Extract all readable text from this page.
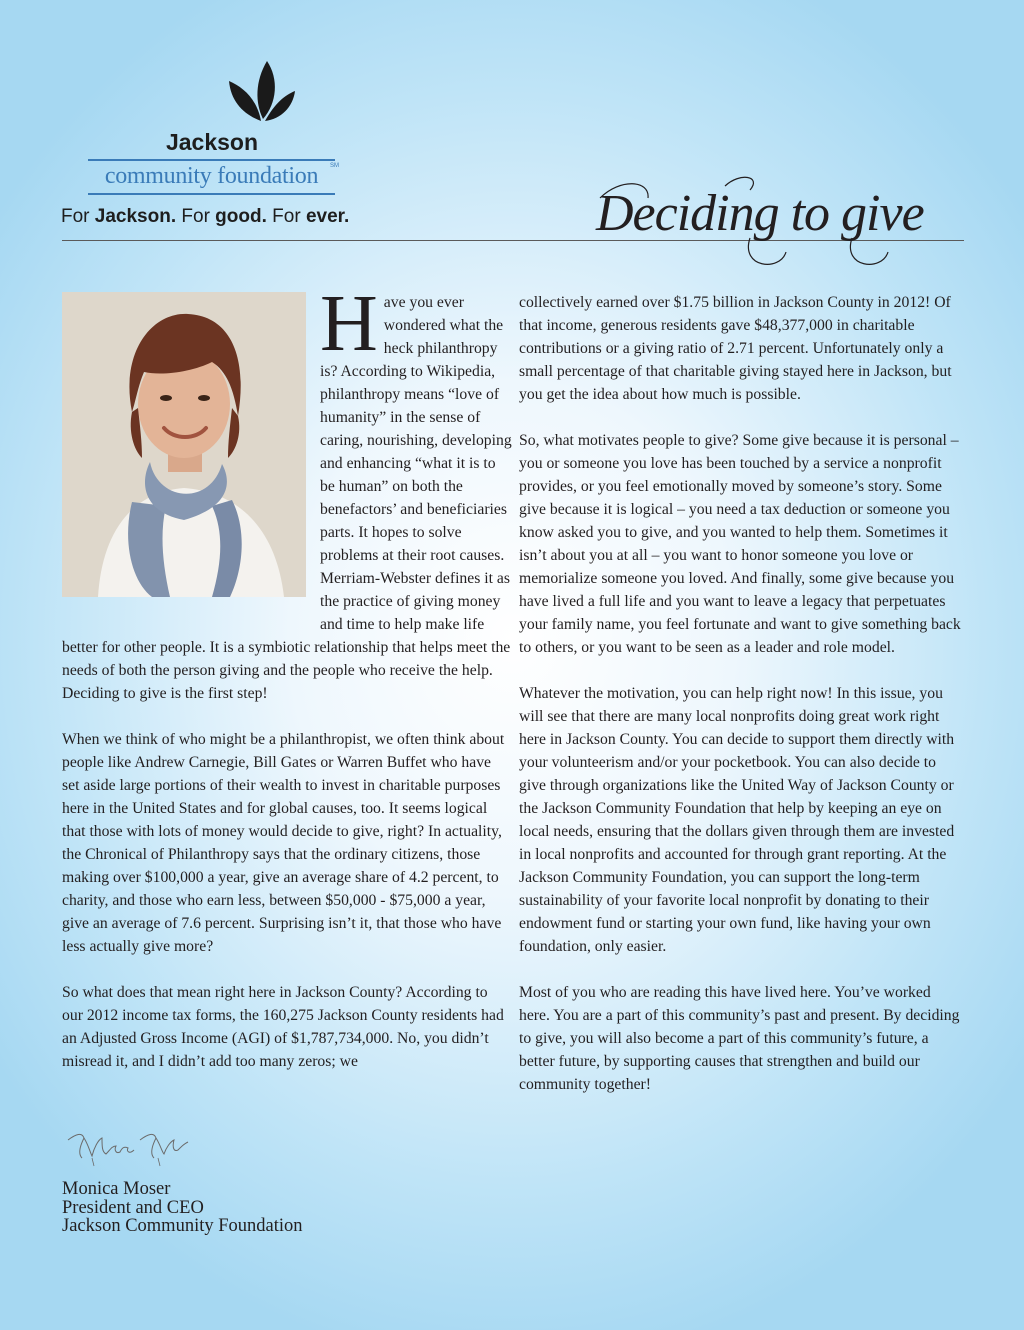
Jackson
community foundation	SM
For Jackson. For good. For ever.	Deciding to give

Have you ever wondered what the heck philanthropy is? According to Wikipedia, philanthropy means “love of humanity” in the sense of caring, nourishing, developing and enhancing “what it is to be human” on both the benefactors’ and beneficiaries parts. It hopes to solve problems at their root causes. Merriam-Webster defines it as the practice of giving money and time to help make life better for other people. It is a symbiotic relationship that helps meet the needs of both the person giving and the people who receive the help. Deciding to give is the first step!

When we think of who might be a philanthropist, we often think about people like Andrew Carnegie, Bill Gates or Warren Buffet who have set aside large portions of their wealth to invest in charitable purposes here in the United States and for global causes, too. It seems logical that those with lots of money would decide to give, right? In actuality, the Chronical of Philanthropy says that the ordinary citizens, those making over $100,000 a year, give an average share of 4.2 percent, to charity, and those who earn less, between $50,000 - $75,000 a year, give an average of 7.6 percent. Surprising isn’t it, that those who have less actually give more?

So what does that mean right here in Jackson County? According to our 2012 income tax forms, the 160,275 Jackson County residents had an Adjusted Gross Income (AGI) of $1,787,734,000. No, you didn’t misread it, and I didn’t add too many zeros; we

collectively earned over $1.75 billion in Jackson County in 2012! Of that income, generous residents gave $48,377,000 in charitable contributions or a giving ratio of 2.71 percent. Unfortunately only a small percentage of that charitable giving stayed here in Jackson, but you get the idea about how much is possible.

So, what motivates people to give? Some give because it is personal – you or someone you love has been touched by a service a nonprofit provides, or you feel emotionally moved by someone’s story. Some give because it is logical – you need a tax deduction or someone you know asked you to give, and you wanted to help them. Sometimes it isn’t about you at all – you want to honor someone you love or memorialize someone you loved. And finally, some give because you have lived a full life and you want to leave a legacy that perpetuates your family name, you feel fortunate and want to give something back to others, or you want to be seen as a leader and role model.

Whatever the motivation, you can help right now! In this issue, you will see that there are many local nonprofits doing great work right here in Jackson County. You can decide to support them directly with your volunteerism and/or your pocketbook. You can also decide to give through organizations like the United Way of Jackson County or the Jackson Community Foundation that help by keeping an eye on local needs, ensuring that the dollars given through them are invested in local nonprofits and accounted for through grant reporting. At the Jackson Community Foundation, you can support the long-term sustainability of your favorite local nonprofit by donating to their endowment fund or starting your own fund, like having your own foundation, only easier.

Most of you who are reading this have lived here. You’ve worked here. You are a part of this community’s past and present. By deciding to give, you will also become a part of this community’s future, a better future, by supporting causes that strengthen and build our community together!

Monica Moser
President and CEO
Jackson Community Foundation
